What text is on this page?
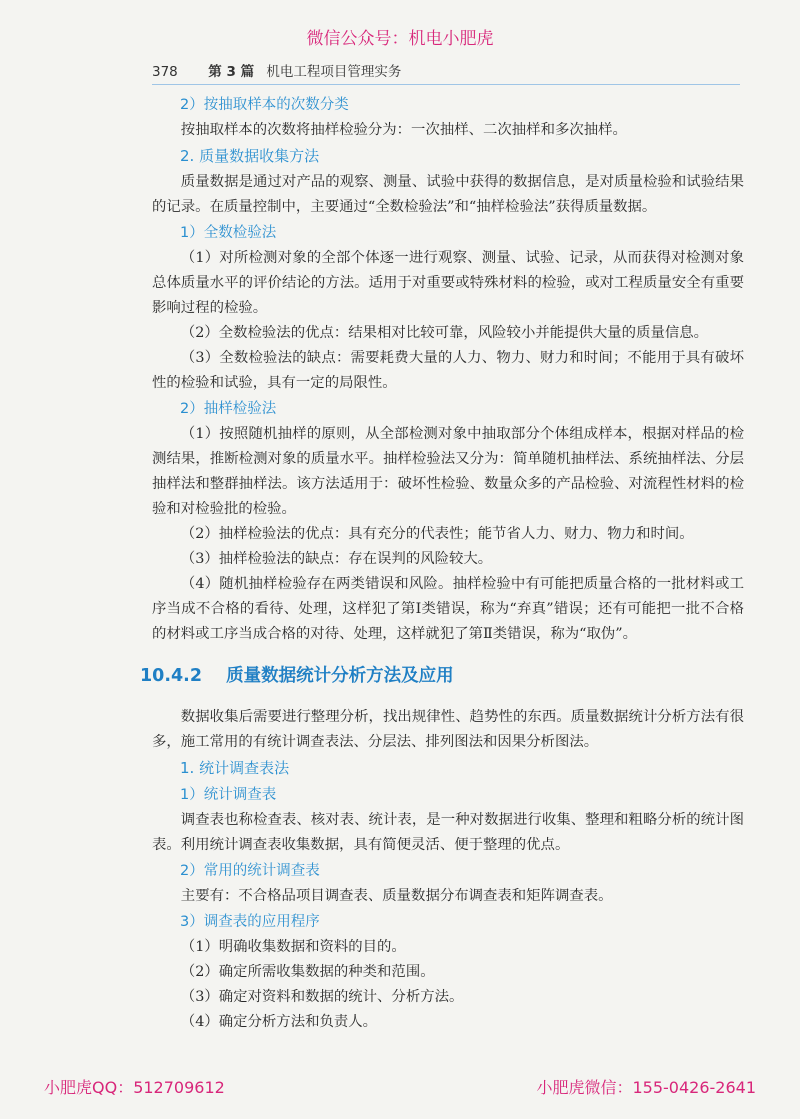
微信公众号：机电小肥虎
378 第 3 篇 机电工程项目管理实务
2）按抽取样本的次数分类

按抽取样本的次数将抽样检验分为：一次抽样、二次抽样和多次抽样。

2. 质量数据收集方法

质量数据是通过对产品的观察、测量、试验中获得的数据信息，是对质量检验和试验结果的记录。在质量控制中，主要通过“全数检验法”和“抽样检验法”获得质量数据。

1）全数检验法

（1）对所检测对象的全部个体逐一进行观察、测量、试验、记录，从而获得对检测对象总体质量水平的评价结论的方法。适用于对重要或特殊材料的检验，或对工程质量安全有重要影响过程的检验。

（2）全数检验法的优点：结果相对比较可靠，风险较小并能提供大量的质量信息。

（3）全数检验法的缺点：需要耗费大量的人力、物力、财力和时间；不能用于具有破坏性的检验和试验，具有一定的局限性。

2）抽样检验法

（1）按照随机抽样的原则，从全部检测对象中抽取部分个体组成样本，根据对样品的检测结果，推断检测对象的质量水平。抽样检验法又分为：简单随机抽样法、系统抽样法、分层抽样法和整群抽样法。该方法适用于：破坏性检验、数量众多的产品检验、对流程性材料的检验和对检验批的检验。

（2）抽样检验法的优点：具有充分的代表性；能节省人力、财力、物力和时间。

（3）抽样检验法的缺点：存在误判的风险较大。

（4）随机抽样检验存在两类错误和风险。抽样检验中有可能把质量合格的一批材料或工序当成不合格的看待、处理，这样犯了第Ⅰ类错误，称为“弃真”错误；还有可能把一批不合格的材料或工序当成合格的对待、处理，这样就犯了第Ⅱ类错误，称为“取伪”。

10.4.2 质量数据统计分析方法及应用

数据收集后需要进行整理分析，找出规律性、趋势性的东西。质量数据统计分析方法有很多，施工常用的有统计调查表法、分层法、排列图法和因果分析图法。

1. 统计调查表法
1）统计调查表

调查表也称检查表、核对表、统计表，是一种对数据进行收集、整理和粗略分析的统计图表。利用统计调查表收集数据，具有简便灵活、便于整理的优点。

2）常用的统计调查表

主要有：不合格品项目调查表、质量数据分布调查表和矩阵调查表。

3）调查表的应用程序

（1）明确收集数据和资料的目的。

（2）确定所需收集数据的种类和范围。

（3）确定对资料和数据的统计、分析方法。

（4）确定分析方法和负责人。

小肥虎QQ：512709612	小肥虎微信：155-0426-2641
